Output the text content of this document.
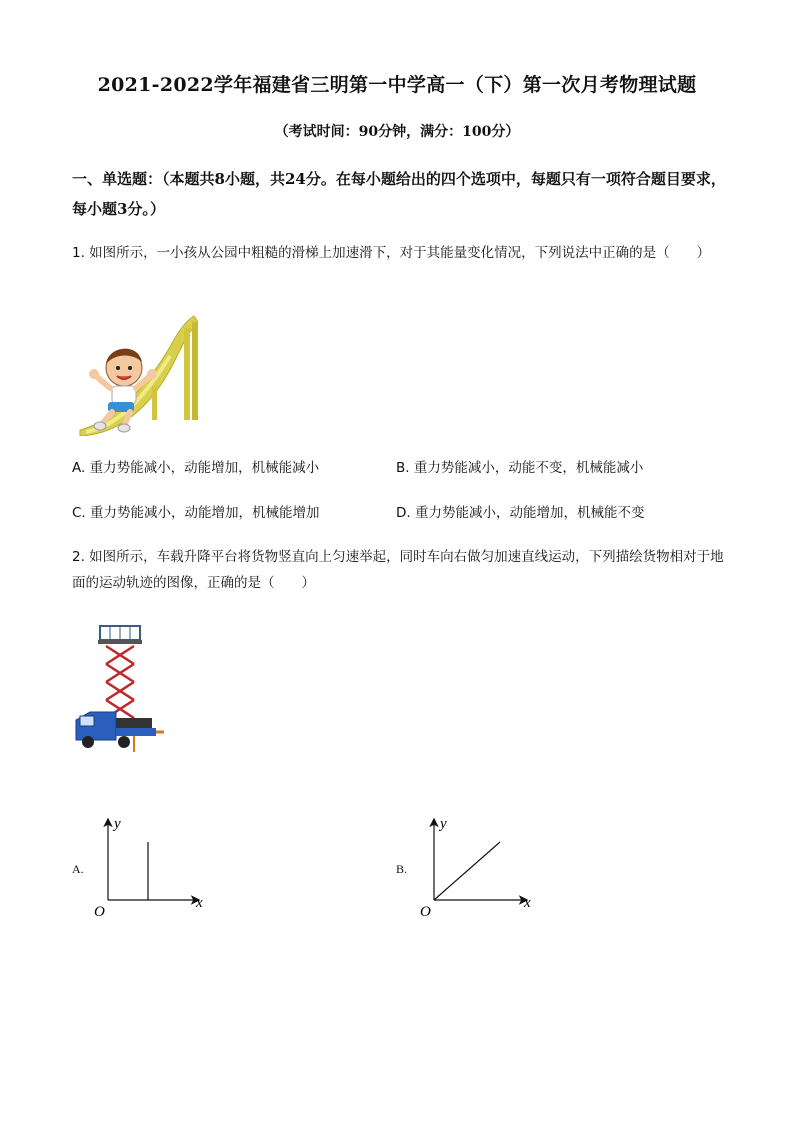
2021-2022学年福建省三明第一中学高一（下）第一次月考物理试题
（考试时间：90分钟，满分：100分）
一、单选题：（本题共8小题，共24分。在每小题给出的四个选项中，每题只有一项符合题目要求，每小题3分。）
1. 如图所示，一小孩从公园中粗糙的滑梯上加速滑下，对于其能量变化情况，下列说法中正确的是（　　）
A. 重力势能减小，动能增加，机械能减小	B. 重力势能减小，动能不变，机械能减小
C. 重力势能减小，动能增加，机械能增加	D. 重力势能减小，动能增加，机械能不变
2. 如图所示，车载升降平台将货物竖直向上匀速举起，同时车向右做匀加速直线运动，下列描绘货物相对于地面的运动轨迹的图像，正确的是（　　）
A.
y
x
O
B.
y
x
O
